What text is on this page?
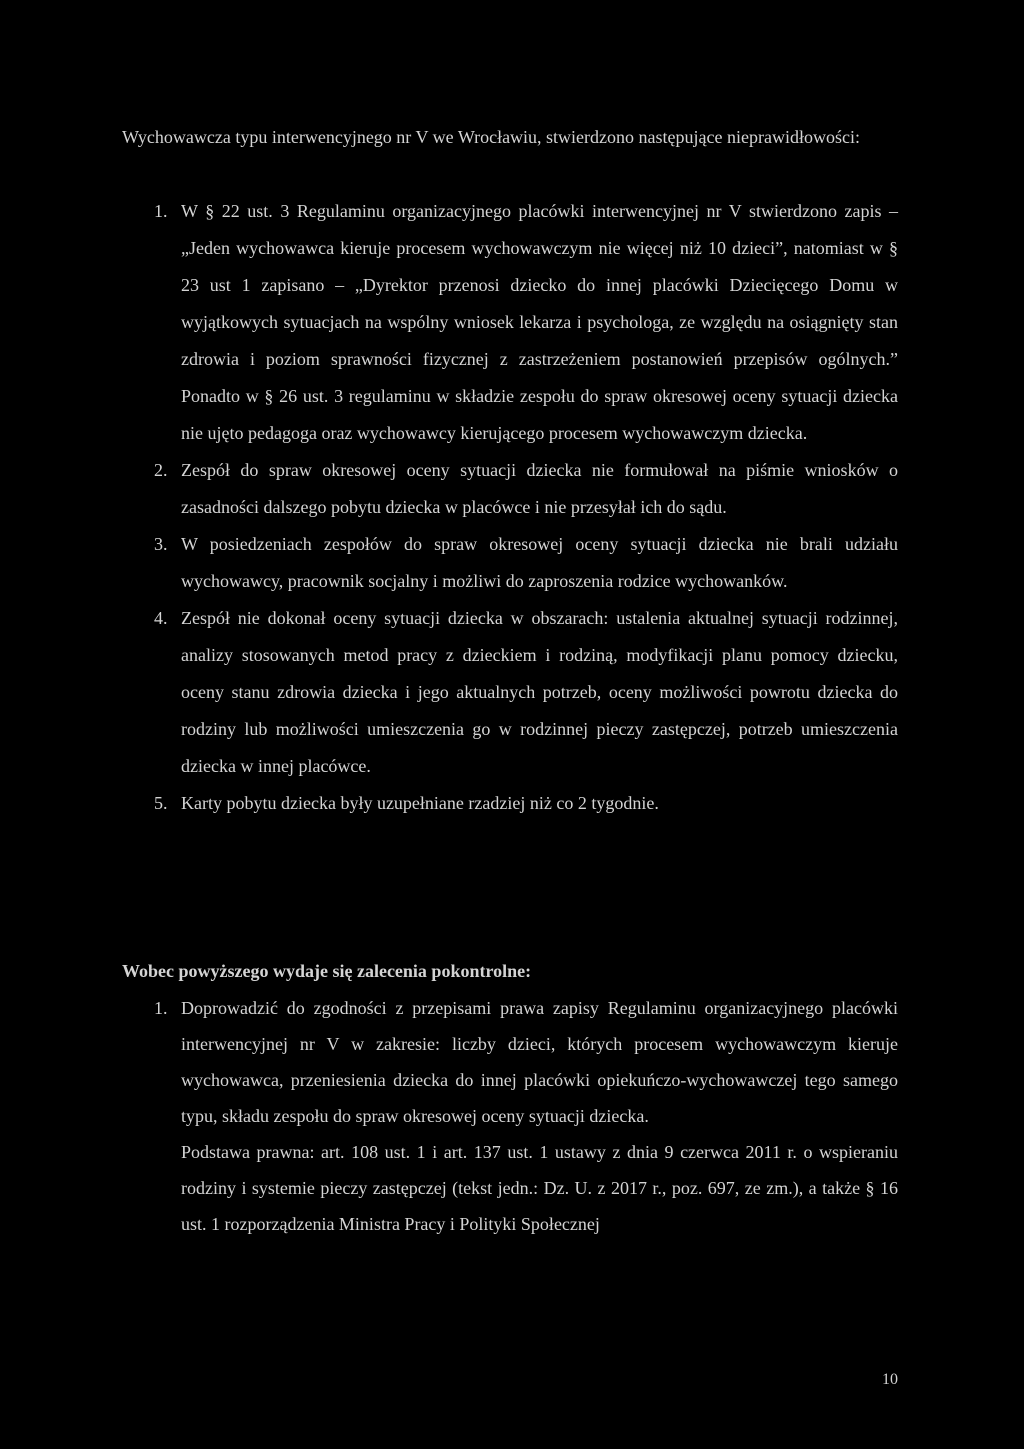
Wychowawcza typu interwencyjnego nr V we Wrocławiu, stwierdzono następujące nieprawidłowości:

1. W § 22 ust. 3 Regulaminu organizacyjnego placówki interwencyjnej nr V stwierdzono zapis – „Jeden wychowawca kieruje procesem wychowawczym nie więcej niż 10 dzieci”, natomiast w § 23 ust 1 zapisano – „Dyrektor przenosi dziecko do innej placówki Dziecięcego Domu w wyjątkowych sytuacjach na wspólny wniosek lekarza i psychologa, ze względu na osiągnięty stan zdrowia i poziom sprawności fizycznej z zastrzeżeniem postanowień przepisów ogólnych.” Ponadto w § 26 ust. 3 regulaminu w składzie zespołu do spraw okresowej oceny sytuacji dziecka nie ujęto pedagoga oraz wychowawcy kierującego procesem wychowawczym dziecka.
2. Zespół do spraw okresowej oceny sytuacji dziecka nie formułował na piśmie wniosków o zasadności dalszego pobytu dziecka w placówce i nie przesyłał ich do sądu.
3. W posiedzeniach zespołów do spraw okresowej oceny sytuacji dziecka nie brali udziału wychowawcy, pracownik socjalny i możliwi do zaproszenia rodzice wychowanków.
4. Zespół nie dokonał oceny sytuacji dziecka w obszarach: ustalenia aktualnej sytuacji rodzinnej, analizy stosowanych metod pracy z dzieckiem i rodziną, modyfikacji planu pomocy dziecku, oceny stanu zdrowia dziecka i jego aktualnych potrzeb, oceny możliwości powrotu dziecka do rodziny lub możliwości umieszczenia go w rodzinnej pieczy zastępczej, potrzeb umieszczenia dziecka w innej placówce.
5. Karty pobytu dziecka były uzupełniane rzadziej niż co 2 tygodnie.
Wobec powyższego wydaje się zalecenia pokontrolne:
1. Doprowadzić do zgodności z przepisami prawa zapisy Regulaminu organizacyjnego placówki interwencyjnej nr V w zakresie: liczby dzieci, których procesem wychowawczym kieruje wychowawca, przeniesienia dziecka do innej placówki opiekuńczo-wychowawczej tego samego typu, składu zespołu do spraw okresowej oceny sytuacji dziecka.
Podstawa prawna: art. 108 ust. 1 i art. 137 ust. 1 ustawy z dnia 9 czerwca 2011 r. o wspieraniu rodziny i systemie pieczy zastępczej (tekst jedn.: Dz. U. z 2017 r., poz. 697, ze zm.), a także § 16 ust. 1 rozporządzenia Ministra Pracy i Polityki Społecznej
10
